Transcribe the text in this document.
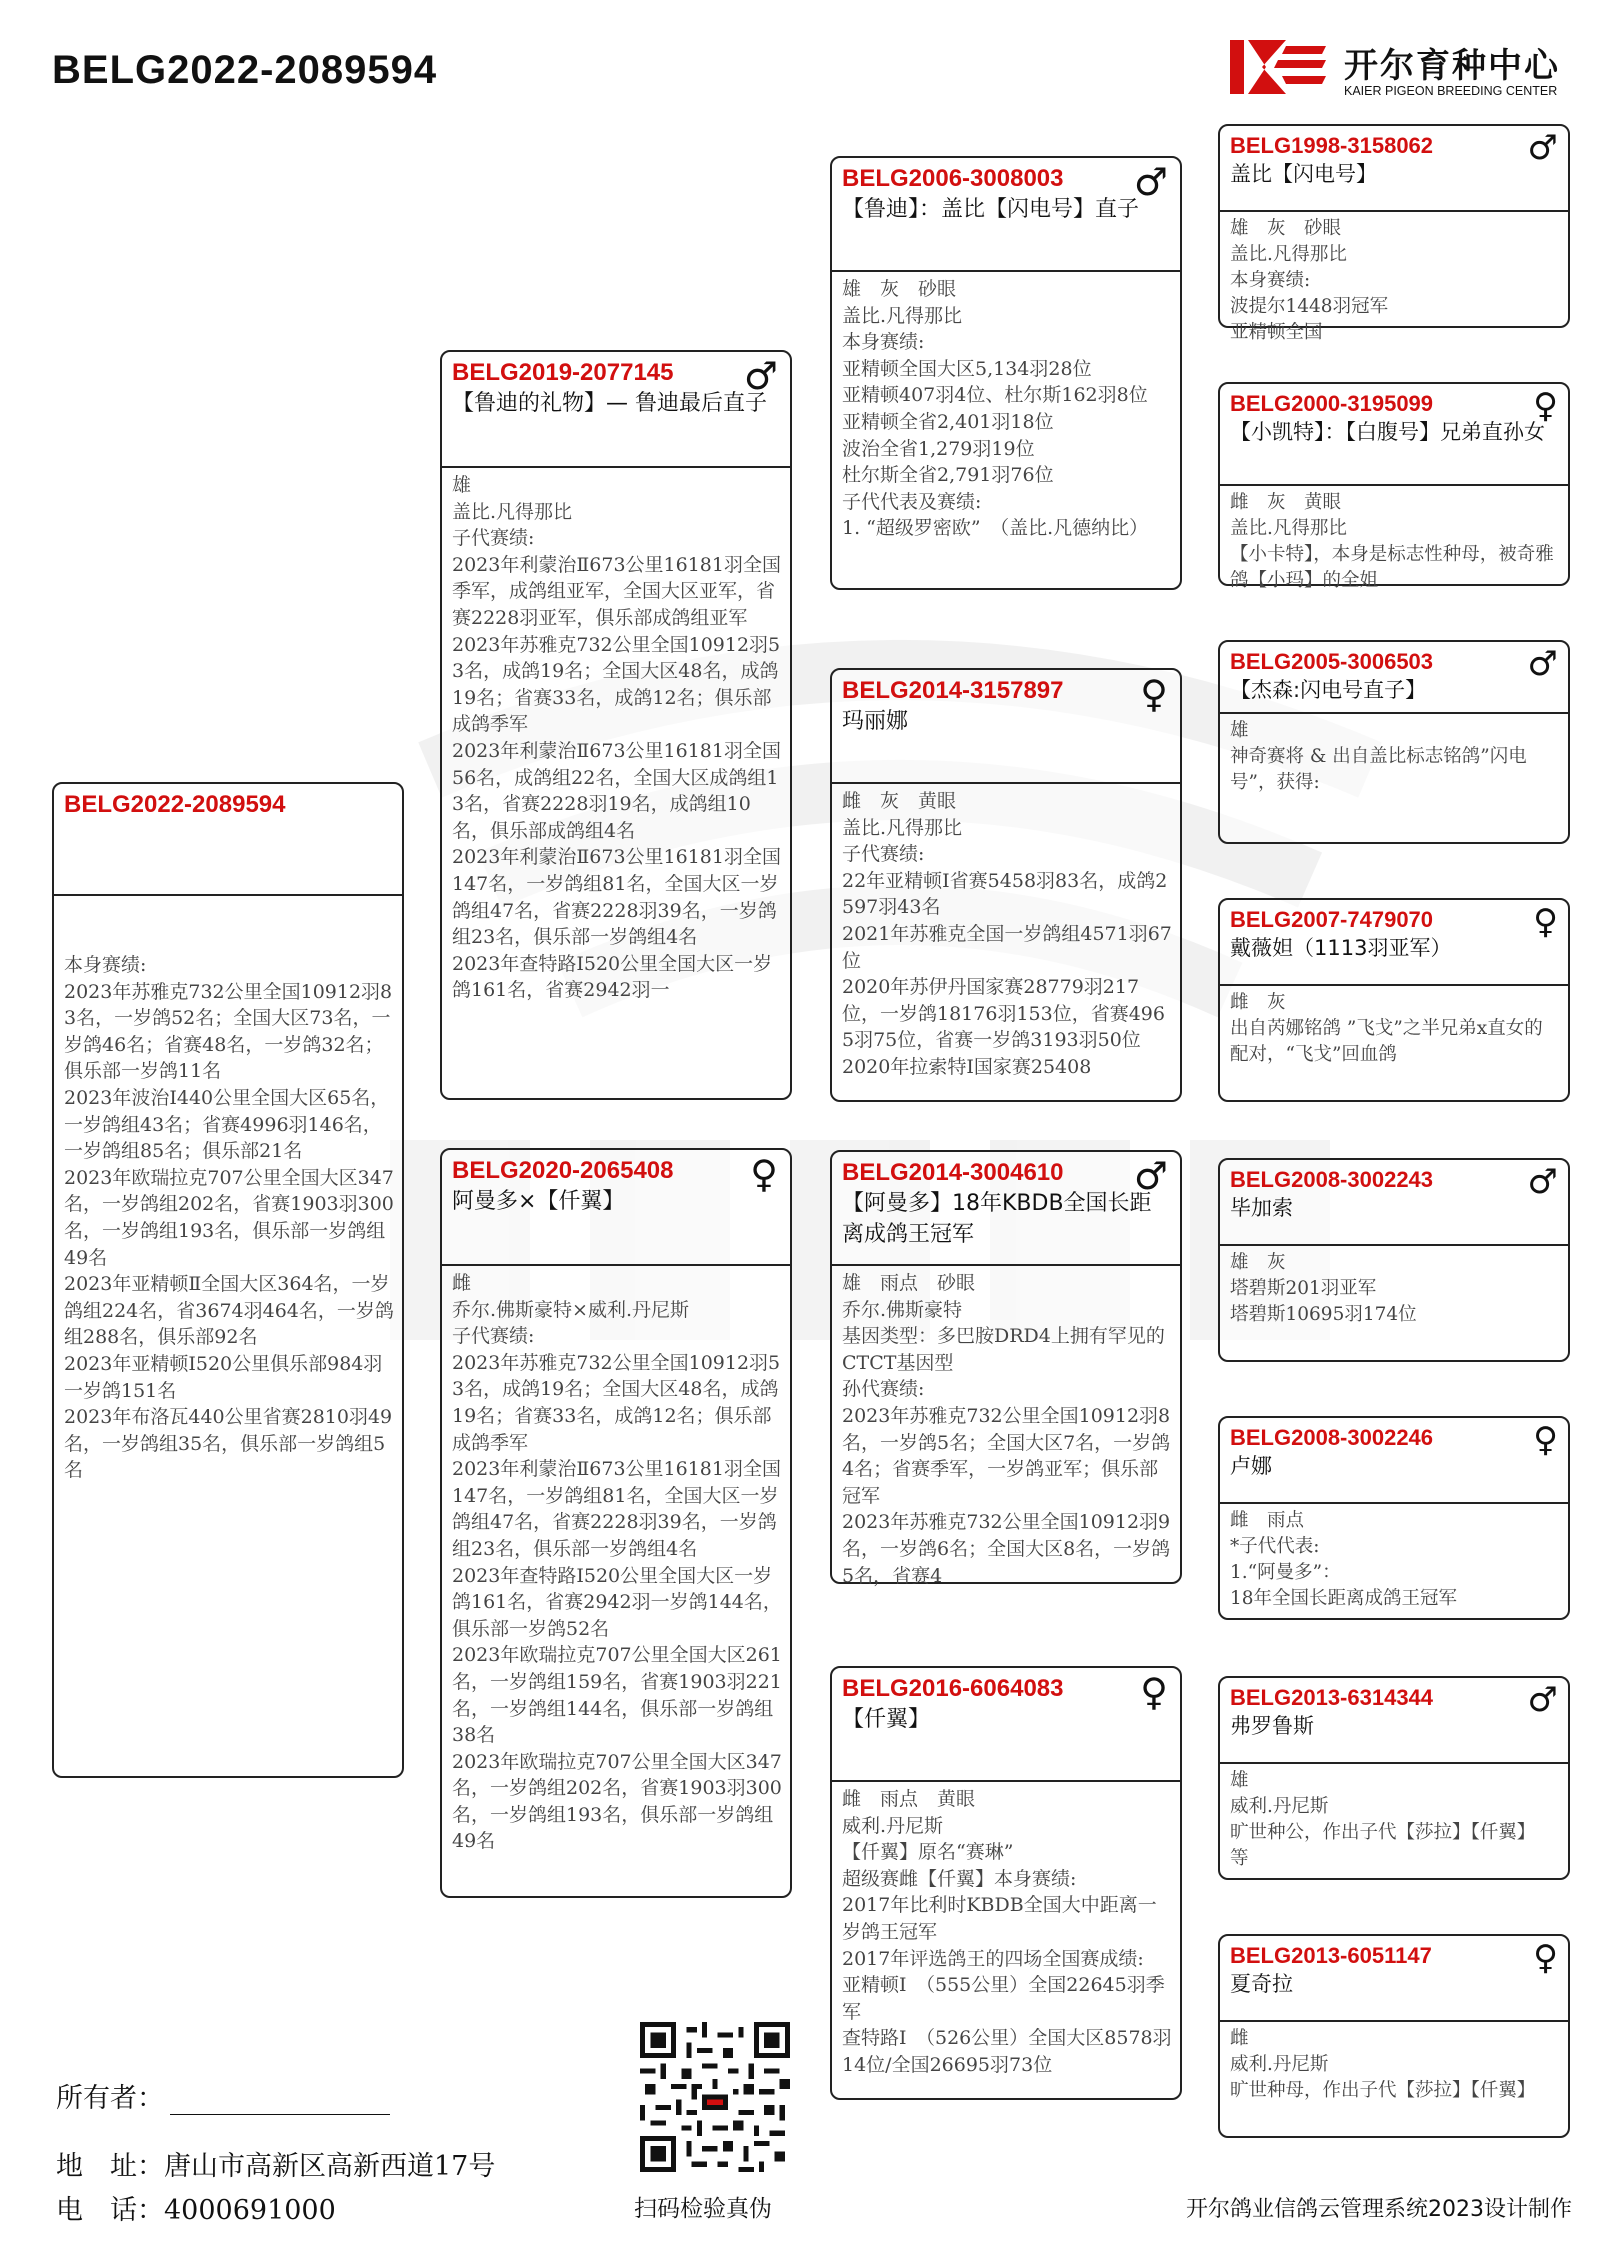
BELG2022-2089594	开尔育种中心
KAIER PIGEON BREEDING CENTER
BELG2022-2089594
本身赛绩:
2023年苏雅克732公里全国10912羽83名，一岁鸽52名；全国大区73名，一岁鸽46名；省赛48名，一岁鸽32名；俱乐部一岁鸽11名
2023年波治Ⅰ440公里全国大区65名，一岁鸽组43名；省赛4996羽146名，一岁鸽组85名；俱乐部21名
2023年欧瑞拉克707公里全国大区347名，一岁鸽组202名，省赛1903羽300名，一岁鸽组193名，俱乐部一岁鸽组49名
2023年亚精顿Ⅱ全国大区364名，一岁鸽组224名，省3674羽464名，一岁鸽组288名，俱乐部92名
2023年亚精顿Ⅰ520公里俱乐部984羽一岁鸽151名
2023年布洛瓦440公里省赛2810羽49名，一岁鸽组35名，俱乐部一岁鸽组5名
BELG2019-2077145	♂
【鲁迪的礼物】— 鲁迪最后直子
雄
盖比.凡得那比
子代赛绩:
2023年利蒙治Ⅱ673公里16181羽全国季军，成鸽组亚军，全国大区亚军，省赛2228羽亚军，俱乐部成鸽组亚军
2023年苏雅克732公里全国10912羽53名，成鸽19名；全国大区48名，成鸽19名；省赛33名，成鸽12名；俱乐部成鸽季军
2023年利蒙治Ⅱ673公里16181羽全国56名，成鸽组22名，全国大区成鸽组13名，省赛2228羽19名，成鸽组10名，俱乐部成鸽组4名
2023年利蒙治Ⅱ673公里16181羽全国147名，一岁鸽组81名，全国大区一岁鸽组47名，省赛2228羽39名，一岁鸽组23名，俱乐部一岁鸽组4名
2023年查特路Ⅰ520公里全国大区一岁鸽161名，省赛2942羽一
BELG2020-2065408	♀
阿曼多×【仟翼】
雌
乔尔.佛斯豪特×威利.丹尼斯
子代赛绩:
2023年苏雅克732公里全国10912羽53名，成鸽19名；全国大区48名，成鸽19名；省赛33名，成鸽12名；俱乐部成鸽季军
2023年利蒙治Ⅱ673公里16181羽全国147名，一岁鸽组81名，全国大区一岁鸽组47名，省赛2228羽39名，一岁鸽组23名，俱乐部一岁鸽组4名
2023年查特路Ⅰ520公里全国大区一岁鸽161名，省赛2942羽一岁鸽144名，俱乐部一岁鸽52名
2023年欧瑞拉克707公里全国大区261名，一岁鸽组159名，省赛1903羽221名，一岁鸽组144名，俱乐部一岁鸽组38名
2023年欧瑞拉克707公里全国大区347名，一岁鸽组202名，省赛1903羽300名，一岁鸽组193名，俱乐部一岁鸽组49名
BELG2006-3008003	♂
【鲁迪】：盖比【闪电号】直子
雄　灰　砂眼
盖比.凡得那比
本身赛绩:
亚精顿全国大区5,134羽28位
亚精顿407羽4位、杜尔斯162羽8位
亚精顿全省2,401羽18位
波治全省1,279羽19位
杜尔斯全省2,791羽76位
子代代表及赛绩:
1. “超级罗密欧”　（盖比.凡德纳比）
BELG2014-3157897	♀
玛丽娜
雌　灰　黄眼
盖比.凡得那比
子代赛绩:
22年亚精顿Ⅰ省赛5458羽83名，成鸽2597羽43名
2021年苏雅克全国一岁鸽组4571羽67位
2020年苏伊丹国家赛28779羽217位，一岁鸽18176羽153位，省赛4965羽75位，省赛一岁鸽3193羽50位
2020年拉索特Ⅰ国家赛25408
BELG2014-3004610	♂
【阿曼多】18年KBDB全国长距离成鸽王冠军
雄　雨点　砂眼
乔尔.佛斯豪特
基因类型：多巴胺DRD4上拥有罕见的CTCT基因型
孙代赛绩:
2023年苏雅克732公里全国10912羽8名，一岁鸽5名；全国大区7名，一岁鸽4名；省赛季军，一岁鸽亚军；俱乐部冠军
2023年苏雅克732公里全国10912羽9名，一岁鸽6名；全国大区8名，一岁鸽5名，省赛4
BELG2016-6064083	♀
【仟翼】
雌　雨点　黄眼
威利.丹尼斯
【仟翼】原名“赛琳”
超级赛雌【仟翼】本身赛绩:
2017年比利时KBDB全国大中距离一岁鸽王冠军
2017年评选鸽王的四场全国赛成绩:
亚精顿Ⅰ　（555公里）全国22645羽季军
查特路Ⅰ　（526公里）全国大区8578羽14位/全国26695羽73位
BELG1998-3158062	♂
盖比【闪电号】
雄　灰　砂眼
盖比.凡得那比
本身赛绩:
波提尔1448羽冠军
亚精顿全国
BELG2000-3195099	♀
【小凯特】：【白腹号】兄弟直孙女
雌　灰　黄眼
盖比.凡得那比
【小卡特】，本身是标志性种母，被奇雅鸽【小玛】的全姐
BELG2005-3006503	♂
【杰森:闪电号直子】
雄
神奇赛将 & 出自盖比标志铭鸽”闪电号”，获得:
BELG2007-7479070	♀
戴薇妲（1113羽亚军）
雌　灰
出自芮娜铭鸽 ”飞戈”之半兄弟x直女的配对，“飞戈”回血鸽
BELG2008-3002243	♂
毕加索
雄　灰
塔碧斯201羽亚军
塔碧斯10695羽174位
BELG2008-3002246	♀
卢娜
雌　雨点
*子代代表:
1.“阿曼多”：
18年全国长距离成鸽王冠军
BELG2013-6314344	♂
弗罗鲁斯
雄
威利.丹尼斯
旷世种公，作出子代【莎拉】【仟翼】
等
BELG2013-6051147	♀
夏奇拉
雌
威利.丹尼斯
旷世种母，作出子代【莎拉】【仟翼】
所有者：
地　址：唐山市高新区高新西道17号
电　话：4000691000	扫码检验真伪	开尔鸽业信鸽云管理系统2023设计制作
